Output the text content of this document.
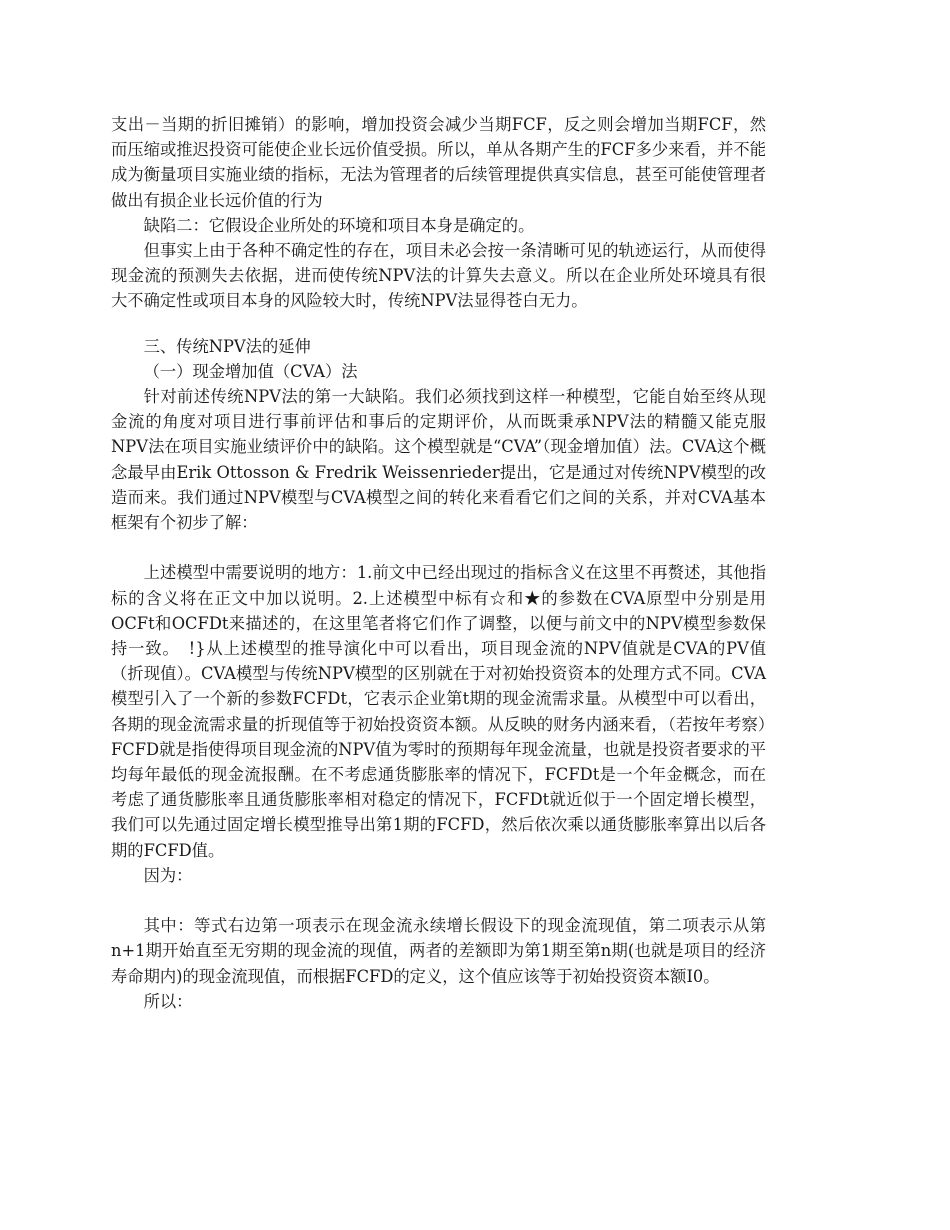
支出－当期的折旧摊销）的影响，增加投资会减少当期FCF，反之则会增加当期FCF，然而压缩或推迟投资可能使企业长远价值受损。所以，单从各期产生的FCF多少来看，并不能成为衡量项目实施业绩的指标，无法为管理者的后续管理提供真实信息，甚至可能使管理者做出有损企业长远价值的行为

缺陷二：它假设企业所处的环境和项目本身是确定的。

但事实上由于各种不确定性的存在，项目未必会按一条清晰可见的轨迹运行，从而使得现金流的预测失去依据，进而使传统NPV法的计算失去意义。所以在企业所处环境具有很大不确定性或项目本身的风险较大时，传统NPV法显得苍白无力。

三、传统NPV法的延伸

（一）现金增加值（CVA）法

针对前述传统NPV法的第一大缺陷。我们必须找到这样一种模型，它能自始至终从现金流的角度对项目进行事前评估和事后的定期评价，从而既秉承NPV法的精髓又能克服NPV法在项目实施业绩评价中的缺陷。这个模型就是“CVA”（现金增加值）法。CVA这个概念最早由Erik Ottosson & Fredrik Weissenrieder提出，它是通过对传统NPV模型的改造而来。我们通过NPV模型与CVA模型之间的转化来看看它们之间的关系，并对CVA基本框架有个初步了解：

上述模型中需要说明的地方：1.前文中已经出现过的指标含义在这里不再赘述，其他指标的含义将在正文中加以说明。2.上述模型中标有☆和★的参数在CVA原型中分别是用OCFt和OCFDt来描述的，在这里笔者将它们作了调整，以便与前文中的NPV模型参数保持一致。　!}从上述模型的推导演化中可以看出，项目现金流的NPV值就是CVA的PV值（折现值）。CVA模型与传统NPV模型的区别就在于对初始投资资本的处理方式不同。CVA模型引入了一个新的参数FCFDt，它表示企业第t期的现金流需求量。从模型中可以看出，各期的现金流需求量的折现值等于初始投资资本额。从反映的财务内涵来看，（若按年考察）FCFD就是指使得项目现金流的NPV值为零时的预期每年现金流量，也就是投资者要求的平均每年最低的现金流报酬。在不考虑通货膨胀率的情况下，FCFDt是一个年金概念，而在考虑了通货膨胀率且通货膨胀率相对稳定的情况下，FCFDt就近似于一个固定增长模型，我们可以先通过固定增长模型推导出第1期的FCFD，然后依次乘以通货膨胀率算出以后各期的FCFD值。

因为：

其中：等式右边第一项表示在现金流永续增长假设下的现金流现值，第二项表示从第n+1期开始直至无穷期的现金流的现值，两者的差额即为第1期至第n期(也就是项目的经济寿命期内)的现金流现值，而根据FCFD的定义，这个值应该等于初始投资资本额I0。

所以：
